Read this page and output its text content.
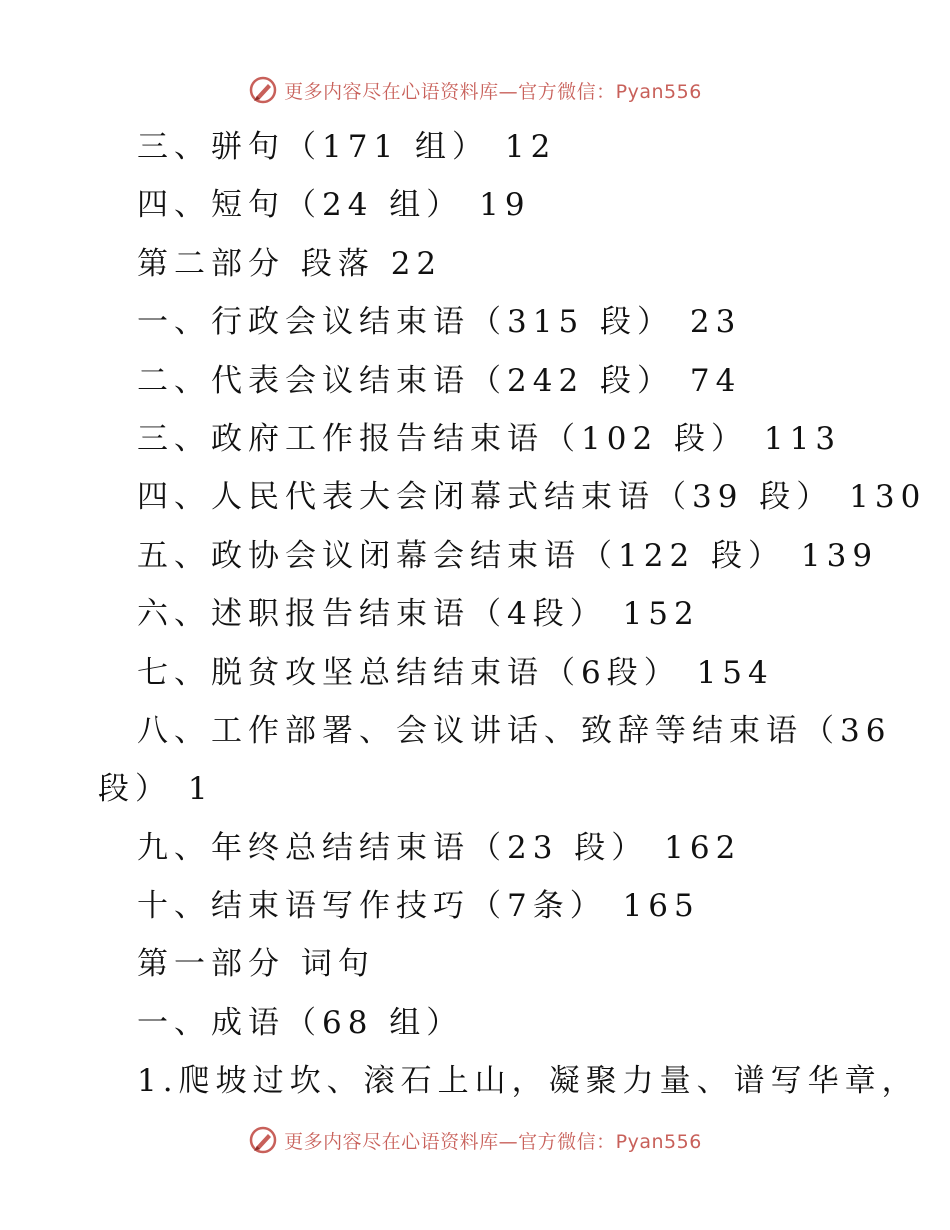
更多内容尽在心语资料库—官方微信：Pyan556
三、骈句（171 组） 12
四、短句（24 组） 19
第二部分 段落 22
一、行政会议结束语（315 段） 23
二、代表会议结束语（242 段） 74
三、政府工作报告结束语（102 段） 113
四、人民代表大会闭幕式结束语（39 段） 130
五、政协会议闭幕会结束语（122 段） 139
六、述职报告结束语（4段） 152
七、脱贫攻坚总结结束语（6段） 154
八、工作部署、会议讲话、致辞等结束语（36
段） 1
九、年终总结结束语（23 段） 162
十、结束语写作技巧（7条） 165
第一部分 词句
一、成语（68 组）
1.爬坡过坎、滚石上山，凝聚力量、谱写华章，
更多内容尽在心语资料库—官方微信：Pyan556
